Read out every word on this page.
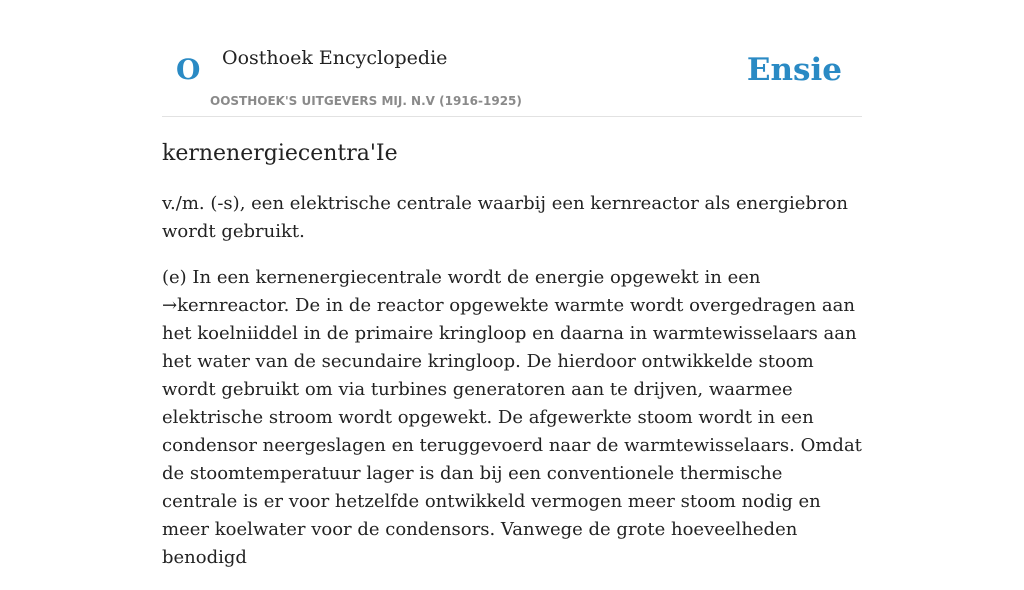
O Oosthoek Encyclopedie
OOSTHOEK'S UITGEVERS MIJ. N.V (1916-1925)
Ensie
kernenergiecentra'Ie

v./m. (-s), een elektrische centrale waarbij een kernreactor als energiebron wordt gebruikt.

(e) In een kernenergiecentrale wordt de energie opgewekt in een →kernreactor. De in de reactor opgewekte warmte wordt overgedragen aan het koelniiddel in de primaire kringloop en daarna in warmtewisselaars aan het water van de secundaire kringloop. De hierdoor ontwikkelde stoom wordt gebruikt om via turbines generatoren aan te drijven, waarmee elektrische stroom wordt opgewekt. De afgewerkte stoom wordt in een condensor neergeslagen en teruggevoerd naar de warmtewisselaars. Omdat de stoomtemperatuur lager is dan bij een conventionele thermische centrale is er voor hetzelfde ontwikkeld vermogen meer stoom nodig en meer koelwater voor de condensors. Vanwege de grote hoeveelheden benodigd
